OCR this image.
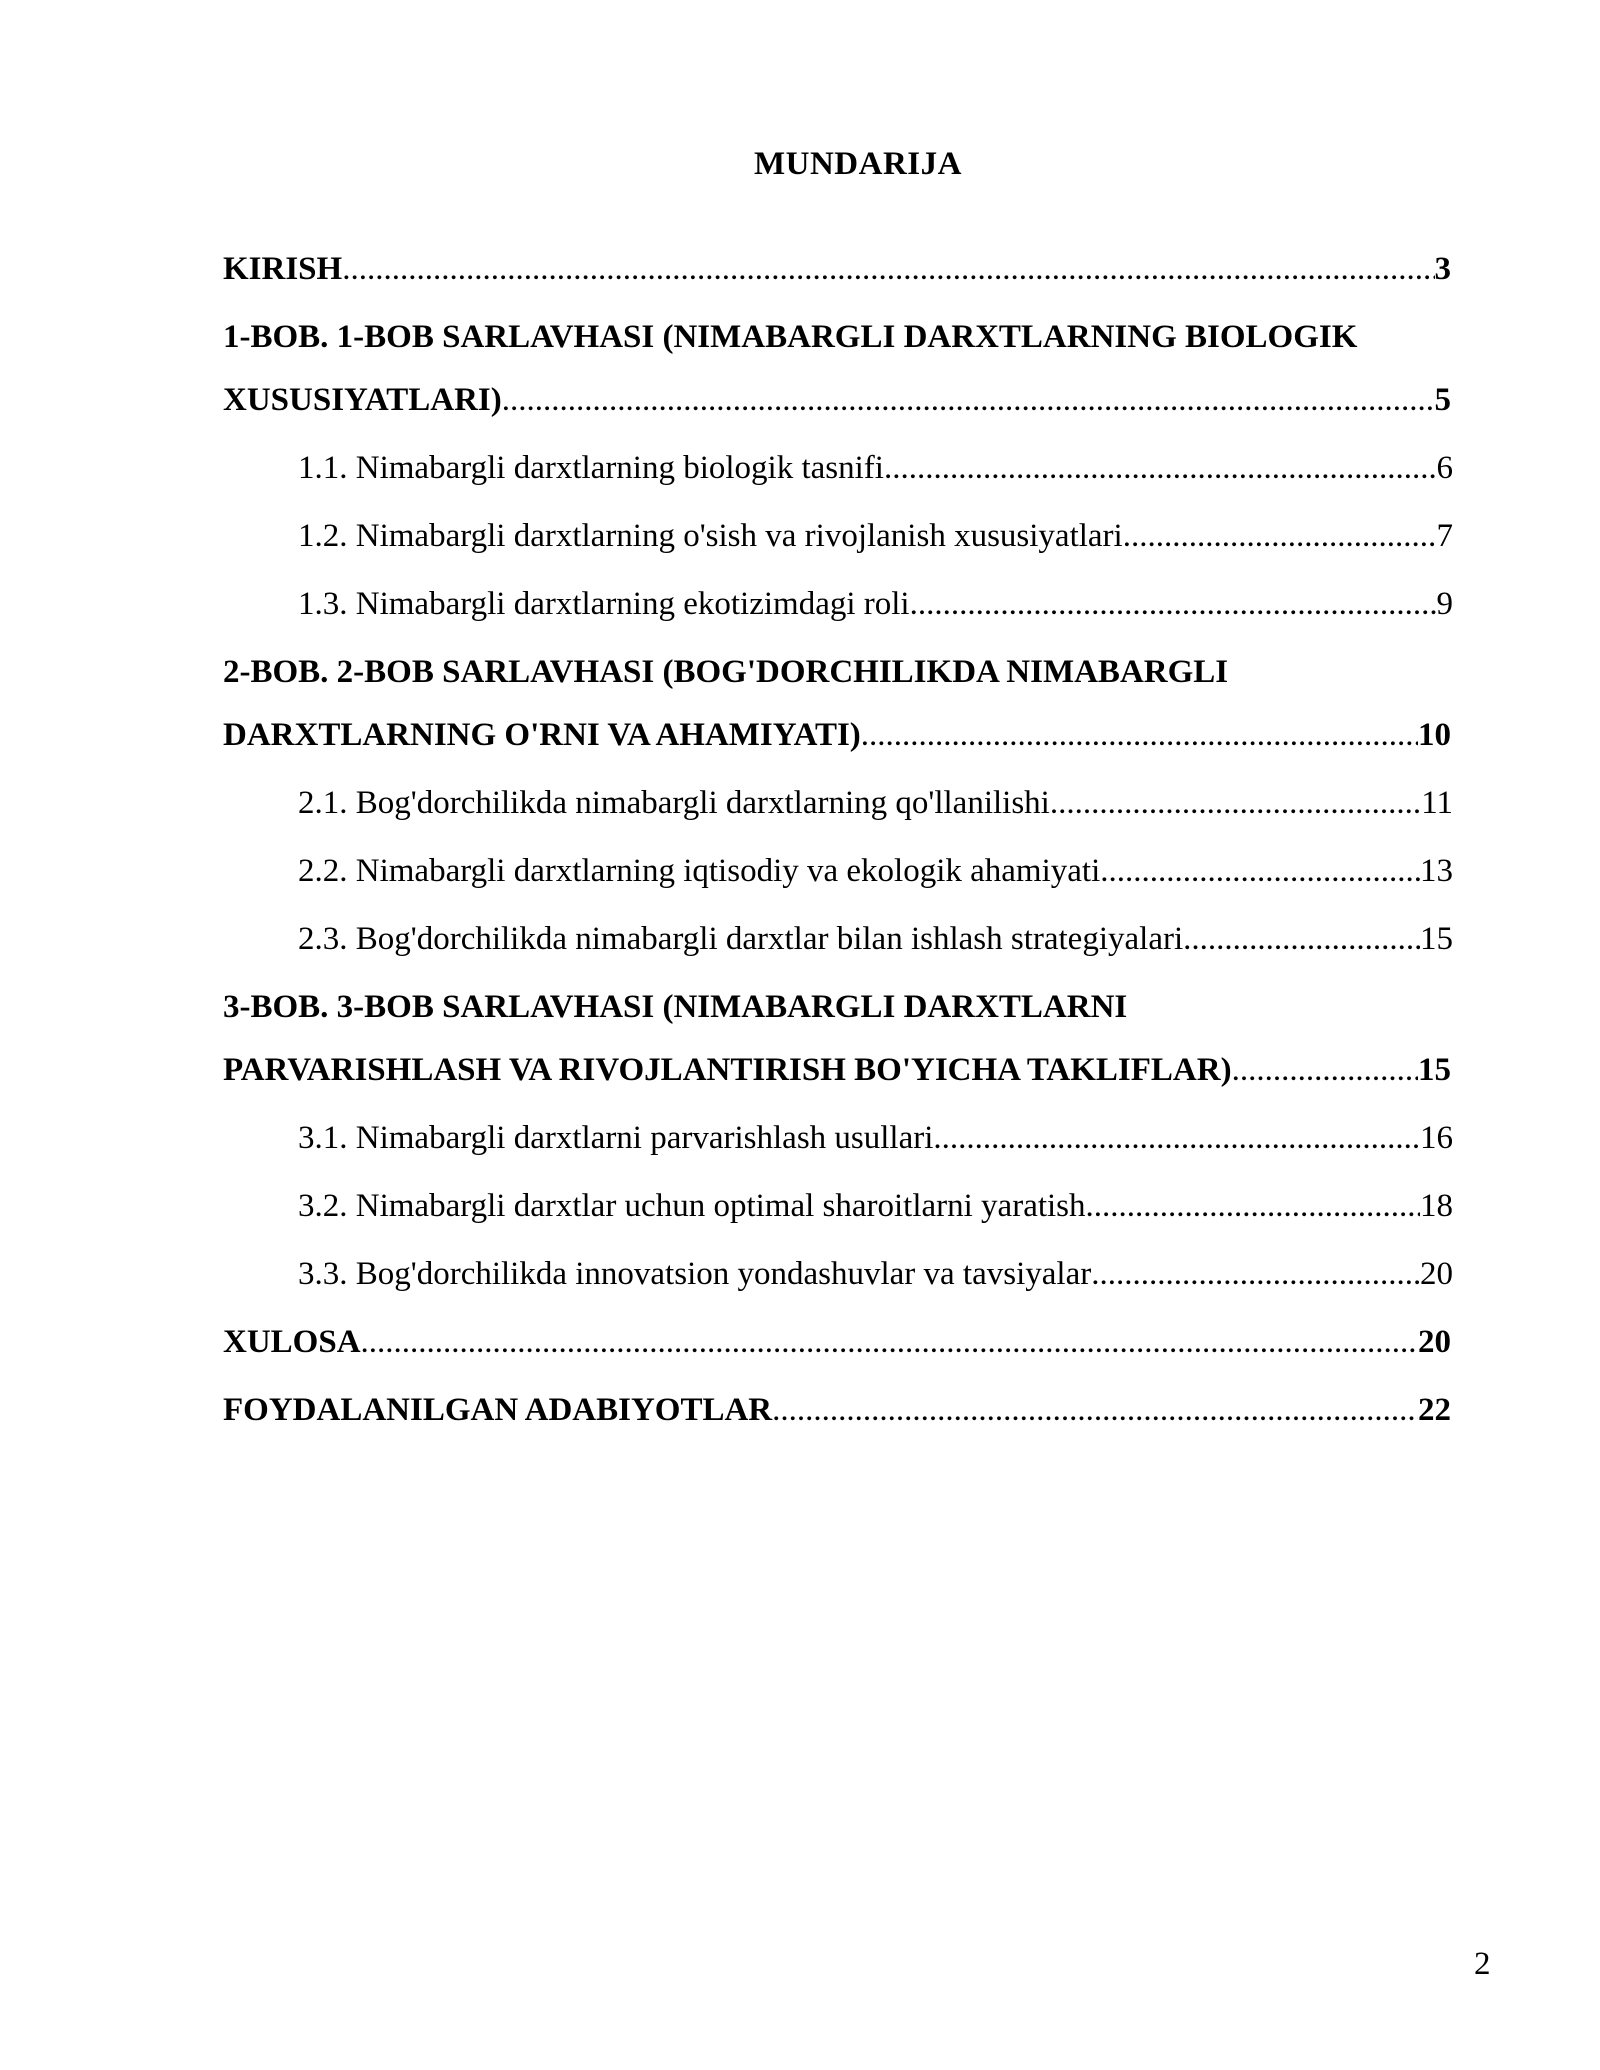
MUNDARIJA
KIRISH .....	3
1-BOB. 1-BOB SARLAVHASI (NIMABARGLI DARXTLARNING BIOLOGIK
XUSUSIYATLARI) .....	5
1.1. Nimabargli darxtlarning biologik tasnifi .....	6
1.2. Nimabargli darxtlarning o'sish va rivojlanish xususiyatlari .....	7
1.3. Nimabargli darxtlarning ekotizimdagi roli .....	9
2-BOB. 2-BOB SARLAVHASI (BOG'DORCHILIKDA NIMABARGLI
DARXTLARNING O'RNI VA AHAMIYATI) .....	10
2.1. Bog'dorchilikda nimabargli darxtlarning qo'llanilishi .....	11
2.2. Nimabargli darxtlarning iqtisodiy va ekologik ahamiyati .....	13
2.3. Bog'dorchilikda nimabargli darxtlar bilan ishlash strategiyalari .....	15
3-BOB. 3-BOB SARLAVHASI (NIMABARGLI DARXTLARNI
PARVARISHLASH VA RIVOJLANTIRISH BO'YICHA TAKLIFLAR) .....	15
3.1. Nimabargli darxtlarni parvarishlash usullari .....	16
3.2. Nimabargli darxtlar uchun optimal sharoitlarni yaratish .....	18
3.3. Bog'dorchilikda innovatsion yondashuvlar va tavsiyalar .....	20
XULOSA .....	20
FOYDALANILGAN ADABIYOTLAR .....	22
2
